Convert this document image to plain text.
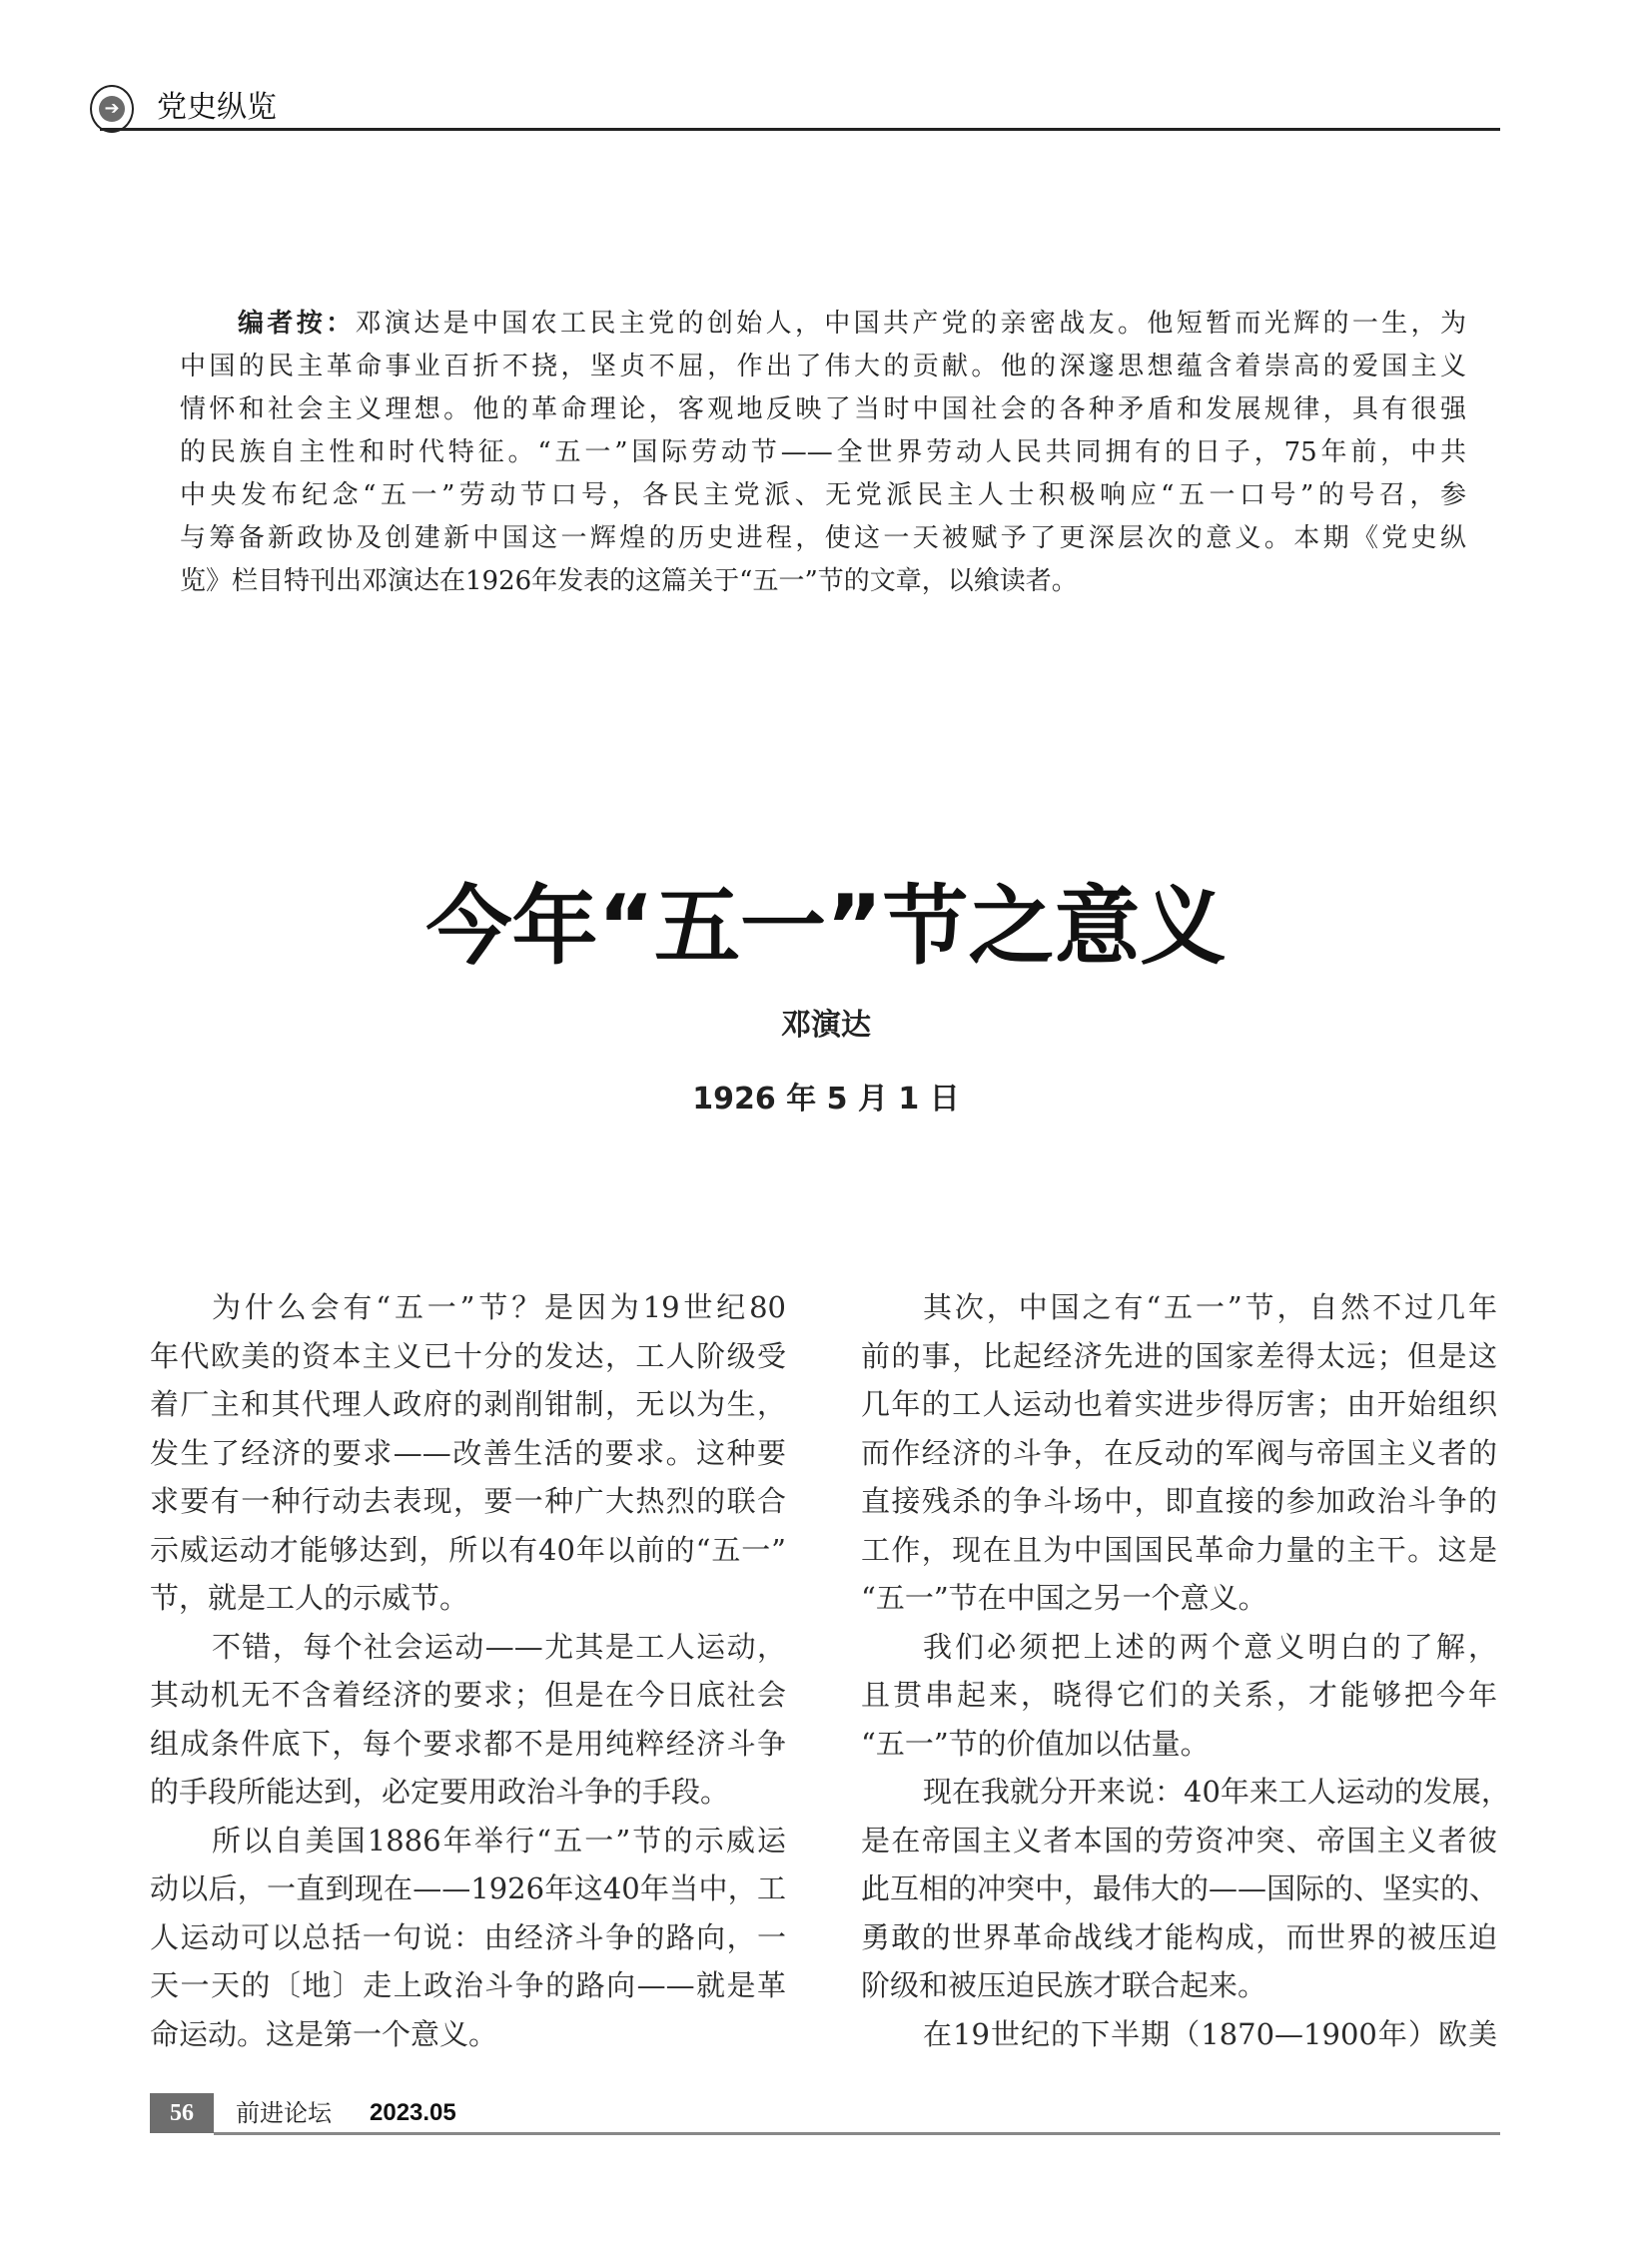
➔ 党史纵览
编者按：邓演达是中国农工民主党的创始人，中国共产党的亲密战友。他短暂而光辉的一生，为
中国的民主革命事业百折不挠，坚贞不屈，作出了伟大的贡献。他的深邃思想蕴含着崇高的爱国主义
情怀和社会主义理想。他的革命理论，客观地反映了当时中国社会的各种矛盾和发展规律，具有很强
的民族自主性和时代特征。“五一”国际劳动节——全世界劳动人民共同拥有的日子，75年前，中共
中央发布纪念“五一”劳动节口号，各民主党派、无党派民主人士积极响应“五一口号”的号召，参
与筹备新政协及创建新中国这一辉煌的历史进程，使这一天被赋予了更深层次的意义。本期《党史纵
览》栏目特刊出邓演达在1926年发表的这篇关于“五一”节的文章，以飨读者。
今年“五一”节之意义
邓演达
1926 年 5 月 1 日
为什么会有“五一”节？是因为19世纪80
年代欧美的资本主义已十分的发达，工人阶级受
着厂主和其代理人政府的剥削钳制，无以为生，
发生了经济的要求——改善生活的要求。这种要
求要有一种行动去表现，要一种广大热烈的联合
示威运动才能够达到，所以有40年以前的“五一”
节，就是工人的示威节。
不错，每个社会运动——尤其是工人运动，
其动机无不含着经济的要求；但是在今日底社会
组成条件底下，每个要求都不是用纯粹经济斗争
的手段所能达到，必定要用政治斗争的手段。
所以自美国1886年举行“五一”节的示威运
动以后，一直到现在——1926年这40年当中，工
人运动可以总括一句说：由经济斗争的路向，一
天一天的〔地〕走上政治斗争的路向——就是革
命运动。这是第一个意义。
其次，中国之有“五一”节，自然不过几年
前的事，比起经济先进的国家差得太远；但是这
几年的工人运动也着实进步得厉害；由开始组织
而作经济的斗争，在反动的军阀与帝国主义者的
直接残杀的争斗场中，即直接的参加政治斗争的
工作，现在且为中国国民革命力量的主干。这是
“五一”节在中国之另一个意义。
我们必须把上述的两个意义明白的了解，
且贯串起来，晓得它们的关系，才能够把今年
“五一”节的价值加以估量。
现在我就分开来说：40年来工人运动的发展，
是在帝国主义者本国的劳资冲突、帝国主义者彼
此互相的冲突中，最伟大的——国际的、坚实的、
勇敢的世界革命战线才能构成，而世界的被压迫
阶级和被压迫民族才联合起来。
在19世纪的下半期（1870—1900年）欧美
56	前进论坛 2023.05
